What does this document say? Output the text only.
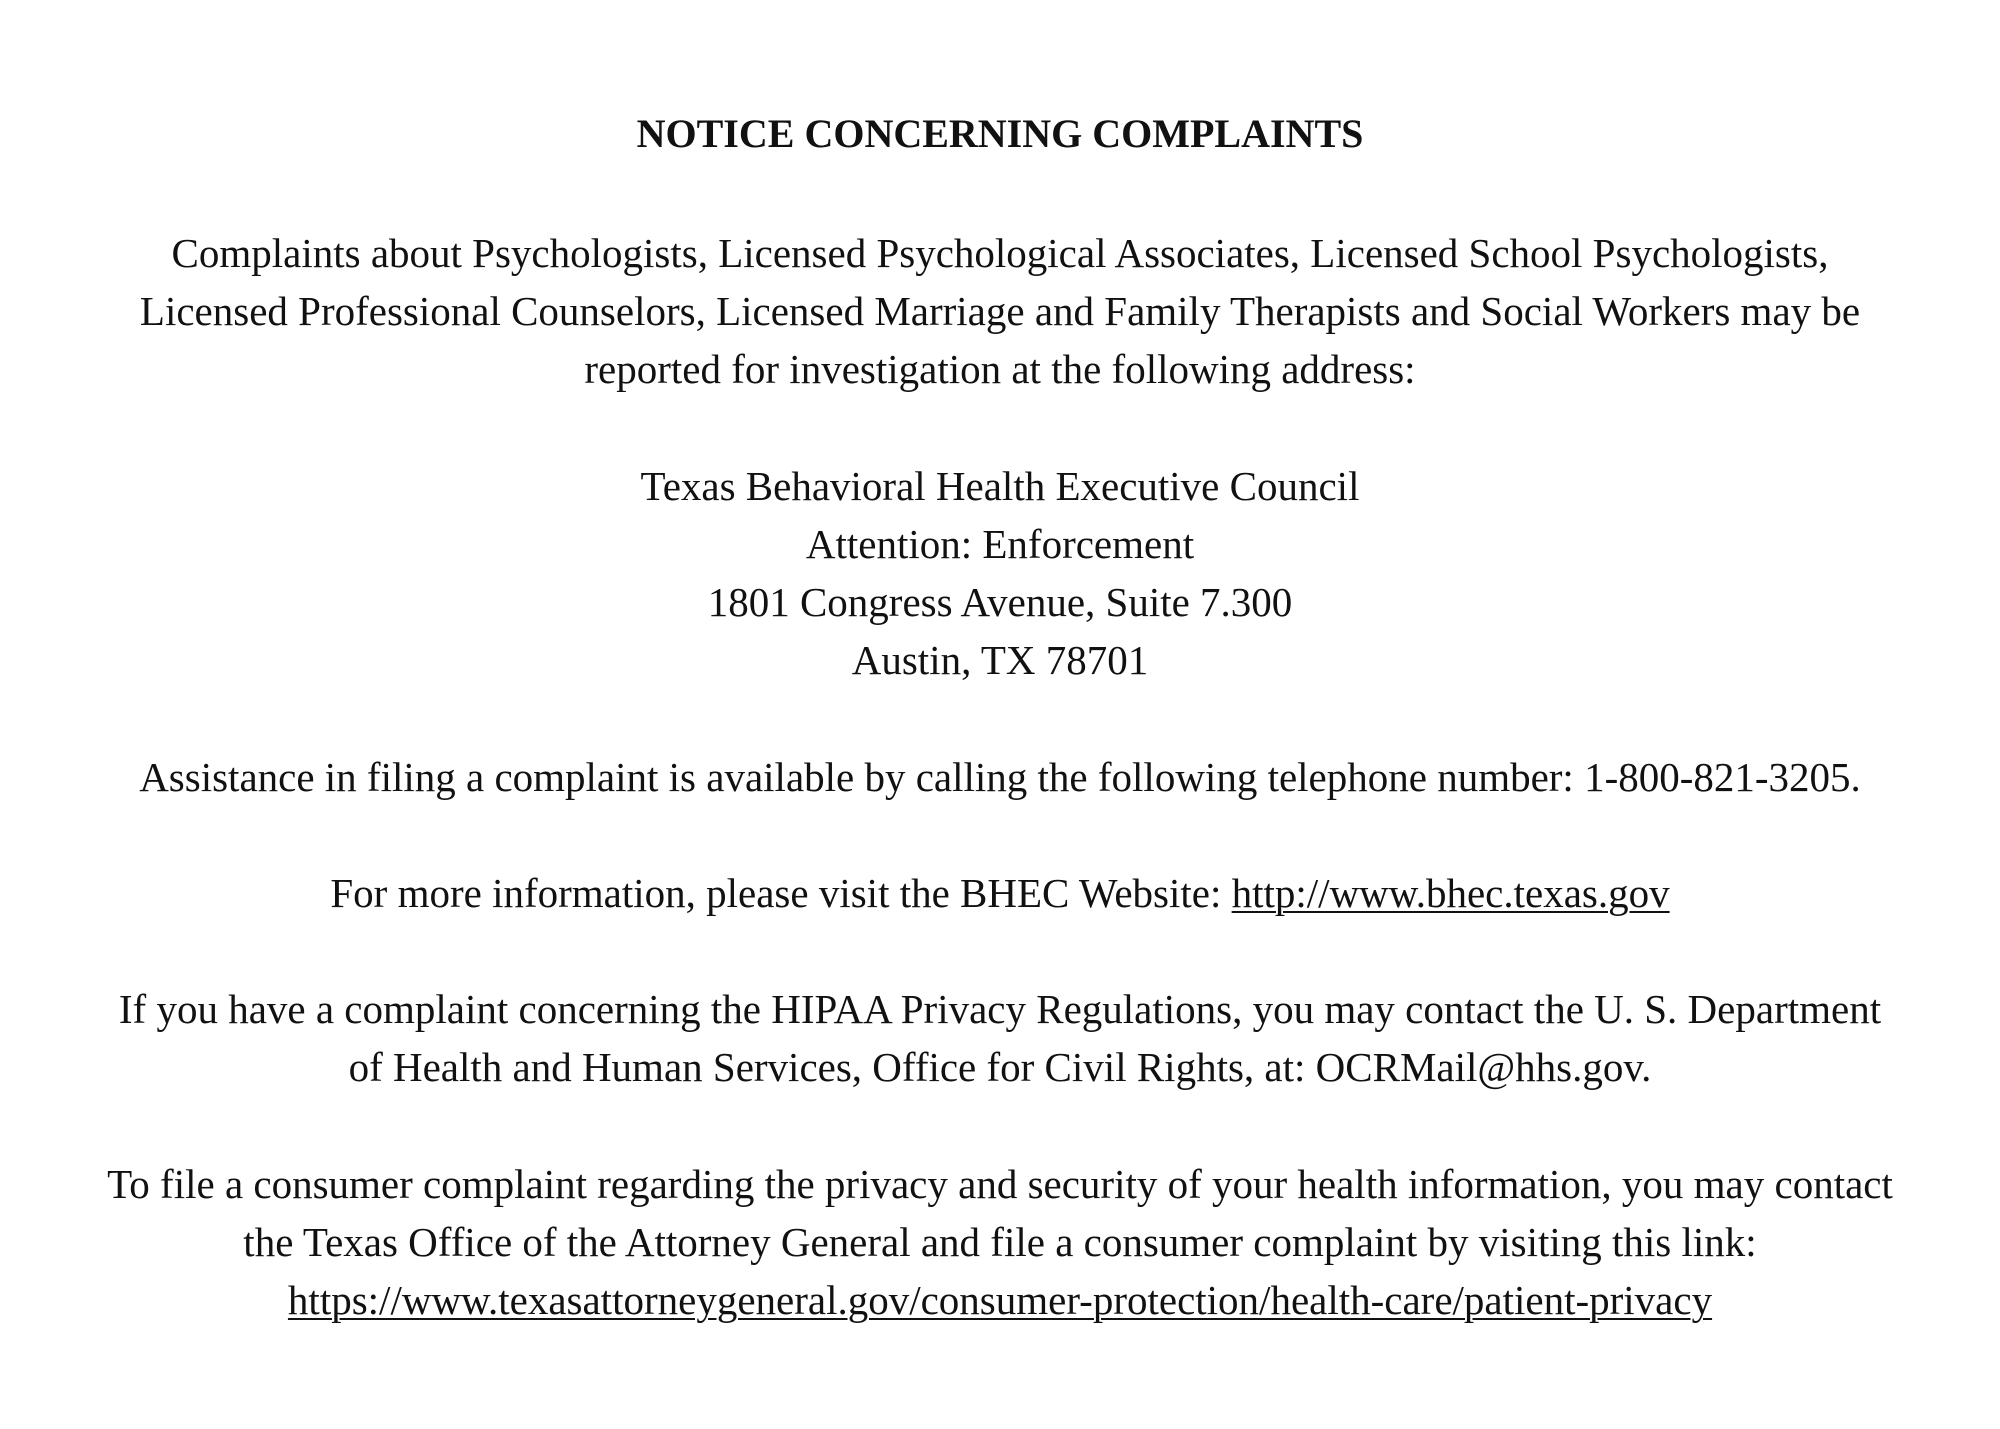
NOTICE CONCERNING COMPLAINTS
Complaints about Psychologists, Licensed Psychological Associates, Licensed School Psychologists,
Licensed Professional Counselors, Licensed Marriage and Family Therapists and Social Workers may be
reported for investigation at the following address:
Texas Behavioral Health Executive Council
Attention: Enforcement
1801 Congress Avenue, Suite 7.300
Austin, TX 78701
Assistance in filing a complaint is available by calling the following telephone number: 1-800-821-3205.
For more information, please visit the BHEC Website: http://www.bhec.texas.gov
If you have a complaint concerning the HIPAA Privacy Regulations, you may contact the U. S. Department
of Health and Human Services, Office for Civil Rights, at: OCRMail@hhs.gov.
To file a consumer complaint regarding the privacy and security of your health information, you may contact
the Texas Office of the Attorney General and file a consumer complaint by visiting this link:
https://www.texasattorneygeneral.gov/consumer-protection/health-care/patient-privacy
